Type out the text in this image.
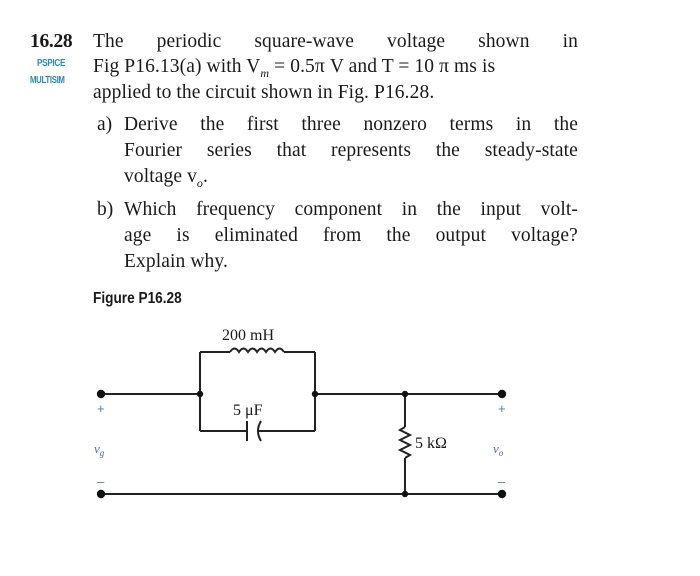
16.28
PSPICE
MULTISIM
The periodic square-wave voltage shown in
Fig P16.13(a) with $V_m = 0.5\pi$ V and T = 10 π ms is
applied to the circuit shown in Fig. P16.28.
a) Derive the first three nonzero terms in the
Fourier series that represents the steady-state
voltage $v_o$.
b) Which frequency component in the input volt-
age is eliminated from the output voltage?
Explain why.
Figure P16.28
200 mH
5 μF
5 kΩ
+
–
+
–
$v_g$	$v_o$
